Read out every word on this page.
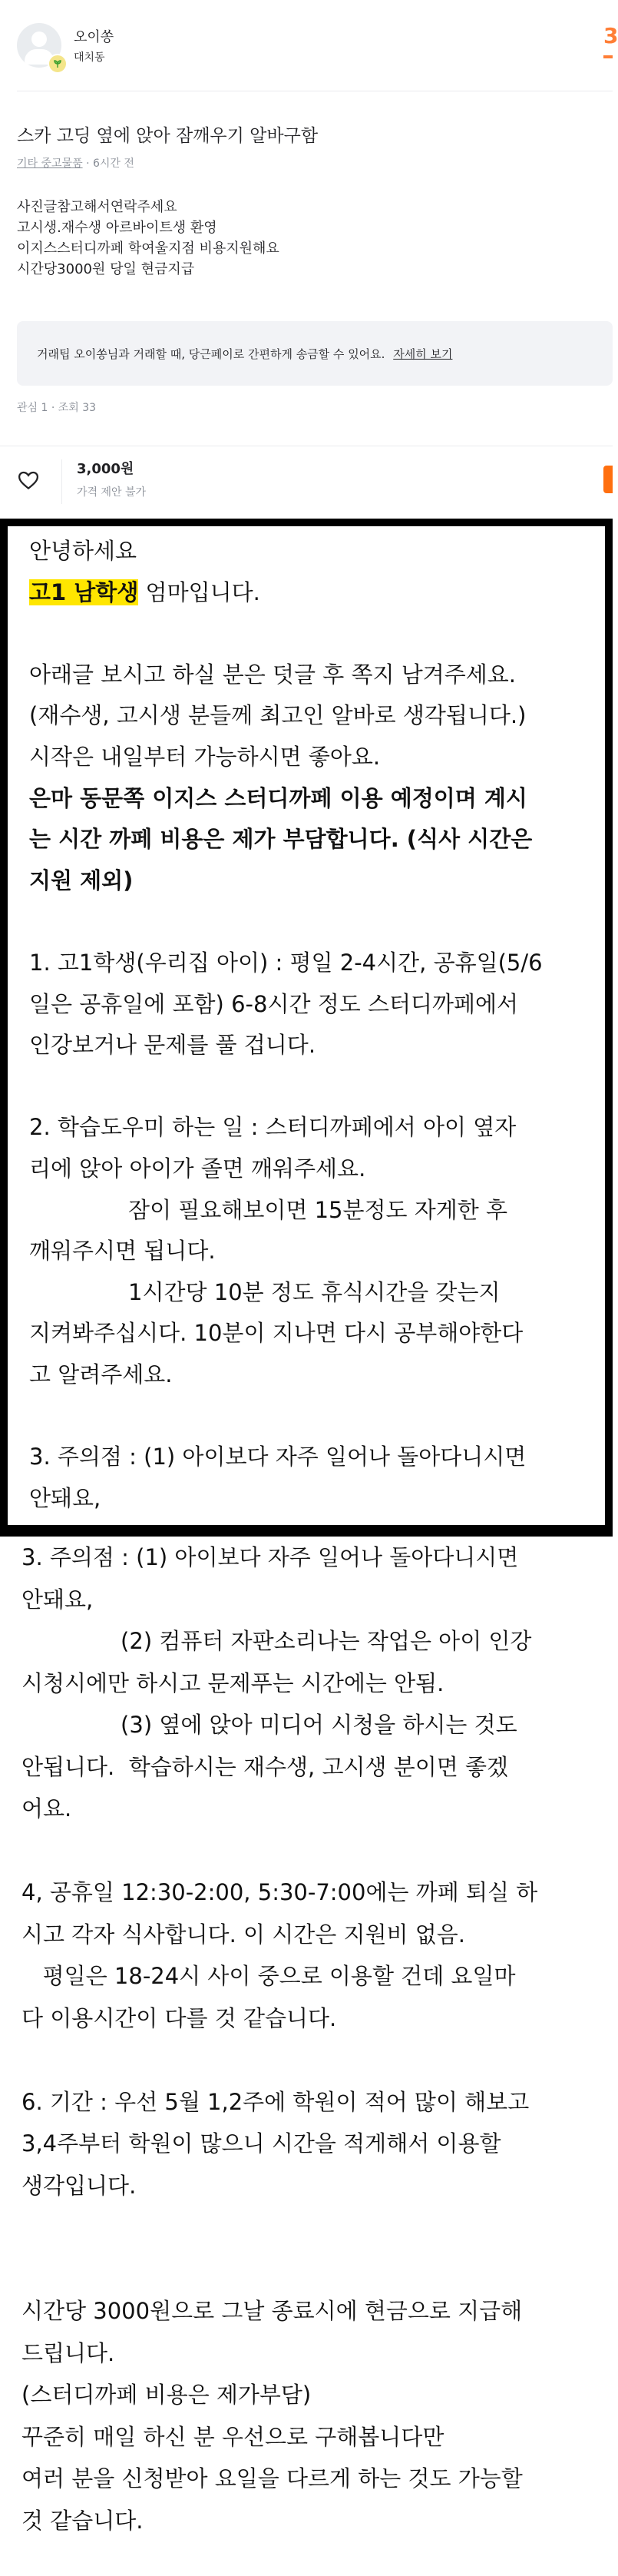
오이쏭
대치동
3
스카 고딩 옆에 앉아 잠깨우기 알바구함
기타 중고물품 · 6시간 전
사진글참고해서연락주세요
고시생.재수생 아르바이트생 환영
이지스스터디까페 학여울지점 비용지원해요
시간당3000원 당일 현금지급
거래팁 오이쏭님과 거래할 때, 당근페이로 간편하게 송금할 수 있어요. 자세히 보기
관심 1 · 조회 33
3,000원
가격 제안 불가
안녕하세요
고1 남학생 엄마입니다.
아래글 보시고 하실 분은 덧글 후 쪽지 남겨주세요.
(재수생, 고시생 분들께 최고인 알바로 생각됩니다.)
시작은 내일부터 가능하시면 좋아요.
은마 동문쪽 이지스 스터디까페 이용 예정이며 계시
는 시간 까페 비용은 제가 부담합니다. (식사 시간은
지원 제외)
1. 고1학생(우리집 아이) : 평일 2-4시간, 공휴일(5/6
일은 공휴일에 포함) 6-8시간 정도 스터디까페에서
인강보거나 문제를 풀 겁니다.
2. 학습도우미 하는 일 : 스터디까페에서 아이 옆자
리에 앉아 아이가 졸면 깨워주세요.
잠이 필요해보이면 15분정도 자게한 후
깨워주시면 됩니다.
1시간당 10분 정도 휴식시간을 갖는지
지켜봐주십시다. 10분이 지나면 다시 공부해야한다
고 알려주세요.
3. 주의점 : (1) 아이보다 자주 일어나 돌아다니시면
안돼요,
3. 주의점 : (1) 아이보다 자주 일어나 돌아다니시면
안돼요,
(2) 컴퓨터 자판소리나는 작업은 아이 인강
시청시에만 하시고 문제푸는 시간에는 안됨.
(3) 옆에 앉아 미디어 시청을 하시는 것도
안됩니다.  학습하시는 재수생, 고시생 분이면 좋겠
어요.
4, 공휴일 12:30-2:00, 5:30-7:00에는 까페 퇴실 하
시고 각자 식사합니다. 이 시간은 지원비 없음.
평일은 18-24시 사이 중으로 이용할 건데 요일마
다 이용시간이 다를 것 같습니다.
6. 기간 : 우선 5월 1,2주에 학원이 적어 많이 해보고
3,4주부터 학원이 많으니 시간을 적게해서 이용할
생각입니다.
시간당 3000원으로 그날 종료시에 현금으로 지급해
드립니다.
(스터디까페 비용은 제가부담)
꾸준히 매일 하신 분 우선으로 구해봅니다만
여러 분을 신청받아 요일을 다르게 하는 것도 가능할
것 같습니다.
